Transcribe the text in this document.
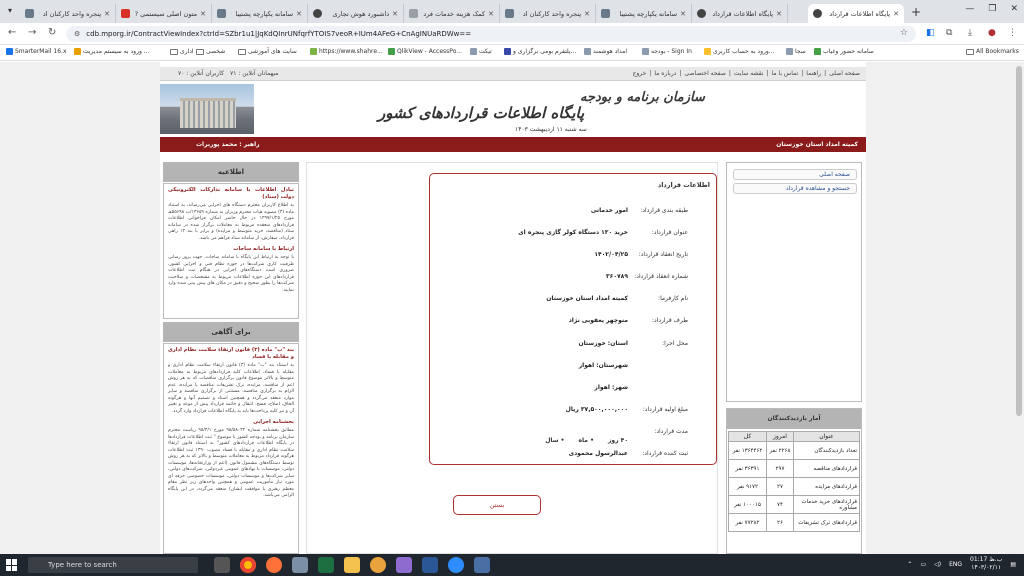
▾	پنجره واحد کارکنان اد ✕	متون اصلی سیستمی ? ✕	سامانه یکپارچه پشتیبا ✕	داشبورد هوش تجاری ✕	کمک هزینه خدمات فرد ✕	پنجره واحد کارکنان اد ✕	سامانه یکپارچه پشتیبا ✕	پایگاه اطلاعات قرارداد ✕	پایگاه اطلاعات قرارداد ✕ +	— ❐ ✕
← → ↻	⚙ cdb.mporg.ir/ContractViewIndex?ctrId=SZbr1u1|JqKdQInrUNfqrfYTOIS7veoR+IUm4AFeG+CnAgINUaRDWw==	☆ ◧ ⧉ ⤓ ● ⋮
SmarterMail 16.x	ورود به سیستم مدیریت ...	اداری شخصی	سایت های آموزشی	https://www.shahre... QlikView - AccessPo...	تیکت	پلتفرم بومی برگزاری و...	امداد هوشمند	بودجه - Sign In	ورود به حساب کاربری...	سجا	سامانه حضور وغیاب	All Bookmarks
صفحه اصلی
|
راهنما
|
تماس با ما
|
نقشه سایت
|
صفحه اختصاصی
|
درباره ما
|
خروج
میهمانان آنلاین : ۷۱
کاربران آنلاین : ۷۰
سازمان برنامه و بودجه
پایگاه اطلاعات قراردادهای کشور
سه شنبه ۱۱ اردیبهشت ۱۴۰۳
کمیته امداد استان خوزستان
راهبر : محمد پوربرات
صفحه اصلی
جستجو و مشاهده قرارداد
آمار بازدیدکنندگان
عنوان	امروز	کل
تعداد بازدیدکنندگان	۲۲۶۸ نفر	۱۳۶۴۴۶۲ نفر
قراردادهای مناقصه	۲۹۷	۳۶۳۹۱ نفر
قراردادهای مزایده	۲۷	۹۱۷۲ نفر
قراردادهای خرید خدمات مشاوره	۷۴	۱۰۰۰۱۵ نفر
قراردادهای ترک تشریفات	۲۶	۷۷۲۸۲ نفر
اطلاعات قرارداد
طبقه بندی قرارداد:
امور خدماتی
عنوان قرارداد:
خرید ۱۳۰ دستگاه کولر گازی پنجره ای
تاریخ انعقاد قرارداد:
۱۴۰۲/۰۴/۲۵
شماره انعقاد قرارداد:
۳۶۰۷۸۹
نام کارفرما:
کمیته امداد استان خوزستان
طرف قرارداد:
منوچهر یعقوبی نژاد
محل اجرا:
استان: خوزستان
شهرستان: اهواز
شهر: اهواز
مبلغ اولیه قرارداد:
۳۷,۵۰۰,۰۰۰,۰۰۰ ریال
مدت قرارداد:
۴۰ روز
• ماه
• سال
ثبت کننده قرارداد:
عبدالرسول محمودی
بستن
اطلاعیه
تبادل اطلاعات با سامانه تدارکات الکترونیکی دولت (ستاد)
به اطلاع کاربران محترم دستگاه های اجرایی می‌رساند، به استناد ماده (۳) مصوبه هیات محترم وزیران به شماره ۱۳۶۵۹/ت ۵۵۶۹۸هـ مورخ ۱۳۹۷/۱/۲۵ در حال حاضر امکان فراخوانی اطلاعات قراردادهای منعقده مربوط به معاملات برگزار شده در سامانه ستاد (مناقصه، خرید متوسط و مزایده) و برابر با بند ۱۲ راهی قرارداد، سفارش، از سامانه ستاد فراهم می باشد.
ارتباط با سامانه ساجات
با توجه به ارتباط این پایگاه با سامانه ساجات، جهت بروز رسانی ظرفیت کاری شرکت‌ها در حوزه نظام فنی و اجرایی کشور، ضروری است دستگاه‌های اجرایی در هنگام ثبت اطلاعات قراردادهای این حوزه اطلاعات مربوط به مشخصات و صلاحیت شرکت‌ها را بطور صحیح و دقیق در مکان های پیش بینی شده وارد نمایند.
برای آگاهی
بند "ب" ماده (۳) قانون ارتقاء سلامت نظام اداری و مقابله با فساد
به استناد بند "ب" ماده (۳) قانون ارتقاء سلامت نظام اداری و مقابله با فساد، اطلاعات کلیه قراردادهای مربوط به معاملات متوسط و بالاتر موضوع قانون برگزاری مناقصات که به هر روش اعم از مناقصه، مزایده، ترک تشریفات مناقصه یا مزایده، عدم الزام به برگزاری مناقصه، مستثنی از برگزاری مناقصه و سایر موارد منعقد می‌گردد و همچنین اسناد و تصمیم آنها و هرگونه الحاق، اصلاح، فسخ، انتقال و خاتمه قرارداد پیش از موعد و تغییر آن و نیز کلیه پرداخت‌ها باید به پایگاه اطلاعات قرارداد وارد گردد.
بخشنامه اجرایی
مطابق بخشنامه شماره ۹۵/۵۸۰۳۲ مورخ ۹۵/۳/۱ ریاست محترم سازمان برنامه و بودجه کشور با موضوع " ثبت اطلاعات قراردادها در پایگاه اطلاعات قراردادهای کشور" به استناد قانون ارتقاء سلامت نظام اداری و مقابله با فساد مصوب ۱۳۹۰ ثبت اطلاعات هرگونه قرارداد مربوط به معاملات متوسط و بالاتر که به هر روش توسط دستگاه‌های مشمول قانون (اعم از وزارتخانه‌ها، موسسات دولتی، موسسات یا نهادهای عمومی غیردولتی، شرکت‌های دولتی، سایر شرکت‌ها و موسسات دولتی، موسسات خصوصی حرفه ای مورد نیاز مأموریت عمومی و همچنین واحدهای زیر نظر مقام معظم رهبری با موافقت ایشان) منعقد می‌گردد، در این پایگاه الزامی می‌باشد.
Type here to search	⌃ ▭ ◁) ENG
01:17 ب.ظ
۱۴۰۳/۰۲/۱۱ ▤
